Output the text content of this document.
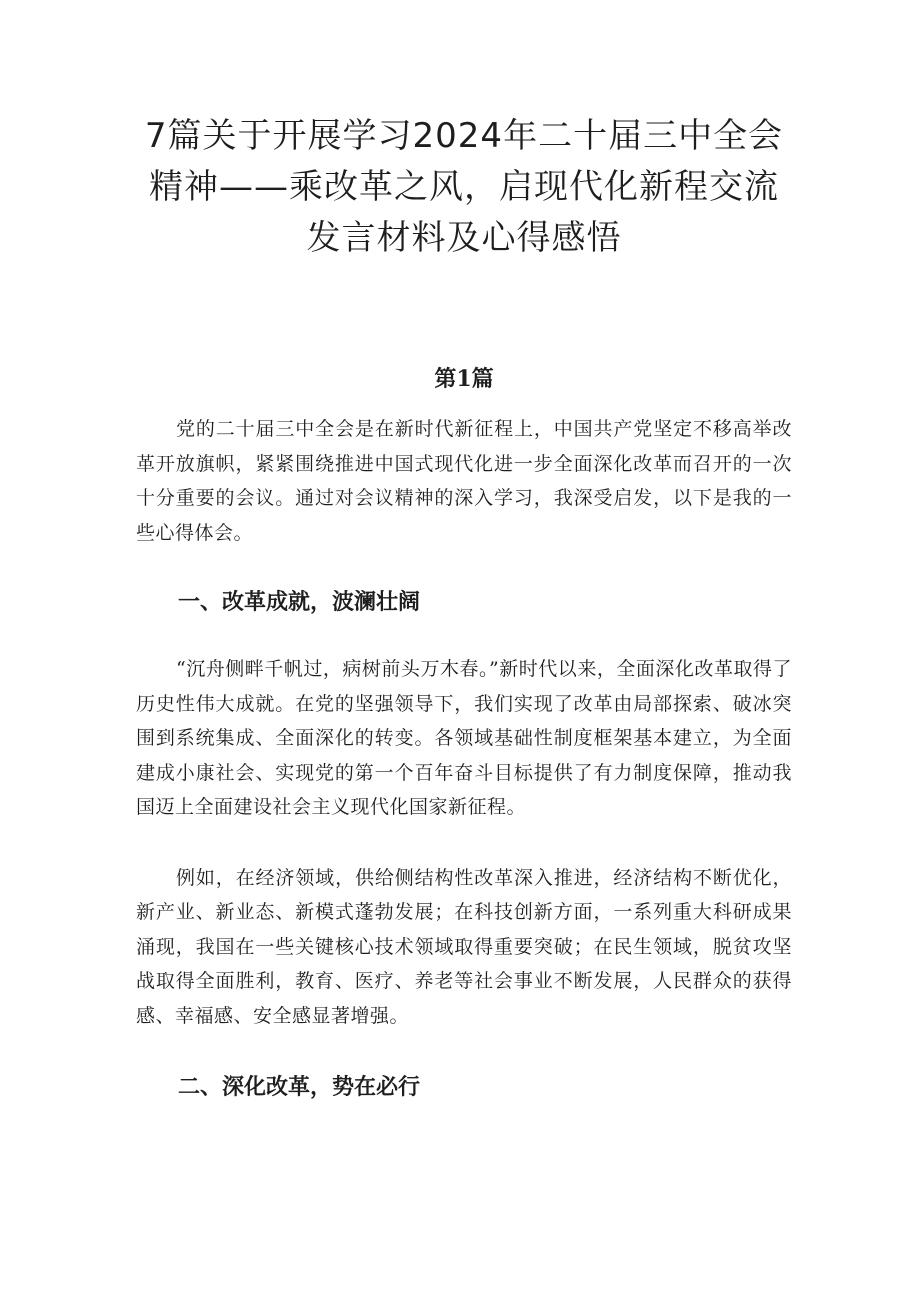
7篇关于开展学习2024年二十届三中全会
精神——乘改革之风，启现代化新程交流
发言材料及心得感悟
第1篇

党的二十届三中全会是在新时代新征程上，中国共产党坚定不移高举改革开放旗帜，紧紧围绕推进中国式现代化进一步全面深化改革而召开的一次十分重要的会议。通过对会议精神的深入学习，我深受启发，以下是我的一些心得体会。

一、改革成就，波澜壮阔

“沉舟侧畔千帆过，病树前头万木春。”新时代以来，全面深化改革取得了历史性伟大成就。在党的坚强领导下，我们实现了改革由局部探索、破冰突围到系统集成、全面深化的转变。各领域基础性制度框架基本建立，为全面建成小康社会、实现党的第一个百年奋斗目标提供了有力制度保障，推动我国迈上全面建设社会主义现代化国家新征程。

例如，在经济领域，供给侧结构性改革深入推进，经济结构不断优化，新产业、新业态、新模式蓬勃发展；在科技创新方面，一系列重大科研成果涌现，我国在一些关键核心技术领域取得重要突破；在民生领域，脱贫攻坚战取得全面胜利，教育、医疗、养老等社会事业不断发展，人民群众的获得感、幸福感、安全感显著增强。

二、深化改革，势在必行
